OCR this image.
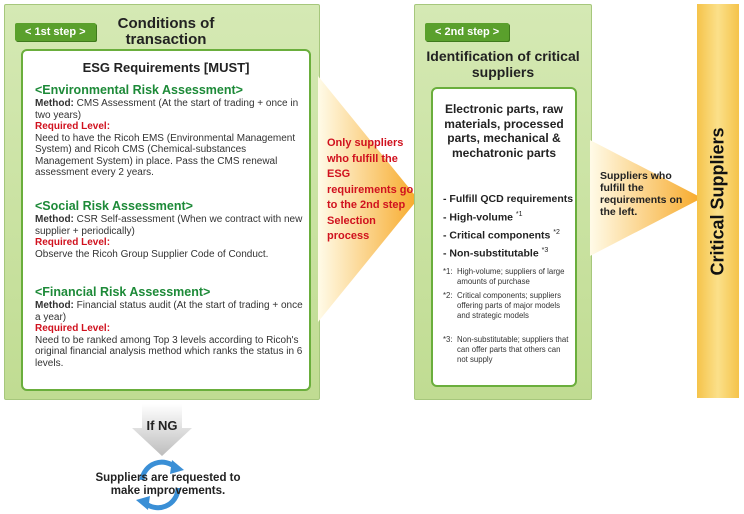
< 1st step >	Conditions of transaction
ESG Requirements [MUST]
<Environmental Risk Assessment>
Method: CMS Assessment (At the start of trading + once in two years)
Required Level:
Need to have the Ricoh EMS (Environmental Management System) and Ricoh CMS (Chemical-substances Management System) in place. Pass the CMS renewal assessment every 2 years.
<Social Risk Assessment>
Method: CSR Self-assessment (When we contract with new supplier + periodically)
Required Level:
Observe the Ricoh Group Supplier Code of Conduct.
<Financial Risk Assessment>
Method: Financial status audit (At the start of trading + once a year)
Required Level:
Need to be ranked among Top 3 levels according to Ricoh's original financial analysis method which ranks the status in 6 levels.
Only suppliers who fulfill the ESG requirements go to the 2nd step Selection process
< 2nd step >
Identification of critical suppliers
Electronic parts, raw materials, processed parts, mechanical & mechatronic parts
- Fulfill QCD requirements
- High-volume $^{*1}$
- Critical components $^{*2}$
- Non-substitutable $^{*3}$
*1: High-volume; suppliers of large amounts of purchase
*2: Critical components; suppliers offering parts of major models and strategic models
*3: Non-substitutable; suppliers that can offer parts that others can not supply
Suppliers who fulfill the requirements on the left.	Critical Suppliers
If NG
Suppliers are requested to make improvements.
